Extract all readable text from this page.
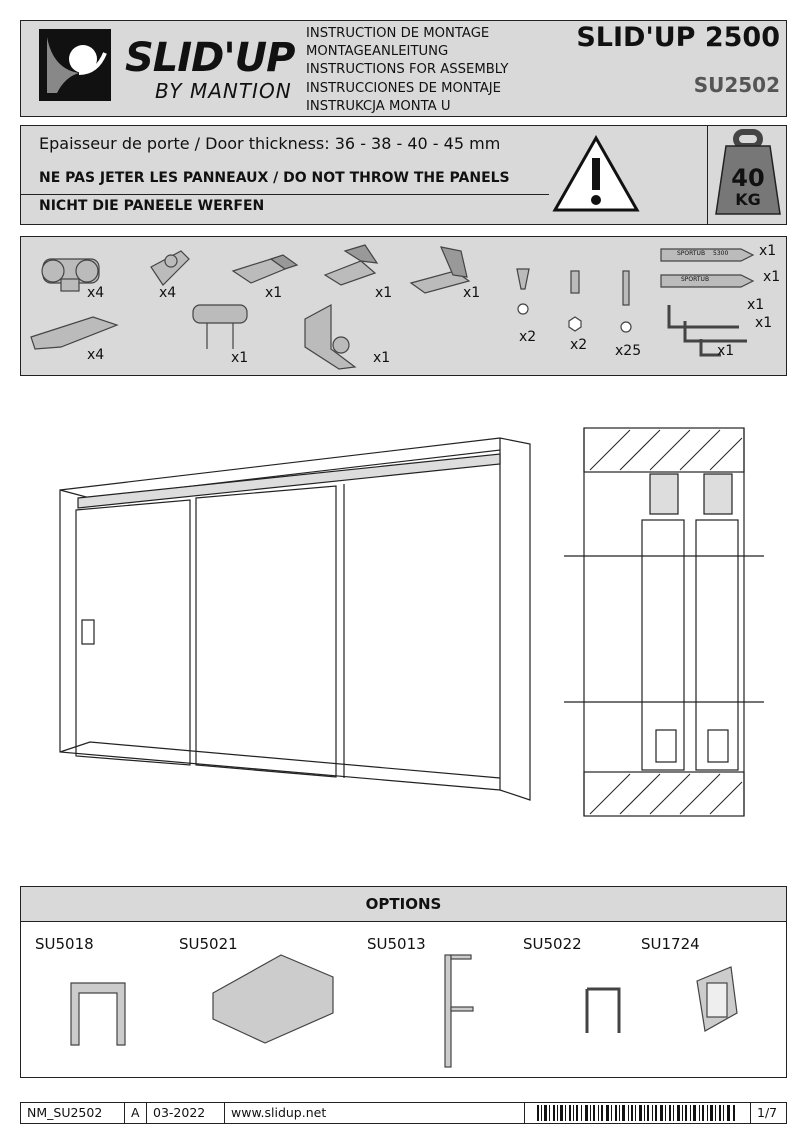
SLID'UP
BY MANTION
INSTRUCTION DE MONTAGE
MONTAGEANLEITUNG
INSTRUCTIONS FOR ASSEMBLY
INSTRUCCIONES DE MONTAJE
INSTRUKCJA MONTA U
SLID'UP 2500
SU2502
Epaisseur de porte / Door thickness: 36 - 38 - 40 - 45 mm
NE PAS JETER LES PANNEAUX / DO NOT THROW THE PANELS
NICHT DIE PANEELE WERFEN
40
KG
x4	x4	x1	x1	x1
x4	x1	x1
x2 x2 x25
x1
x1
x1
x1
x1
SPORTUB 5300
SPORTUB
OPTIONS
SU5018	SU5021	SU5013	SU5022	SU1724
NM_SU2502	A	03-2022	www.slidup.net	1/7
